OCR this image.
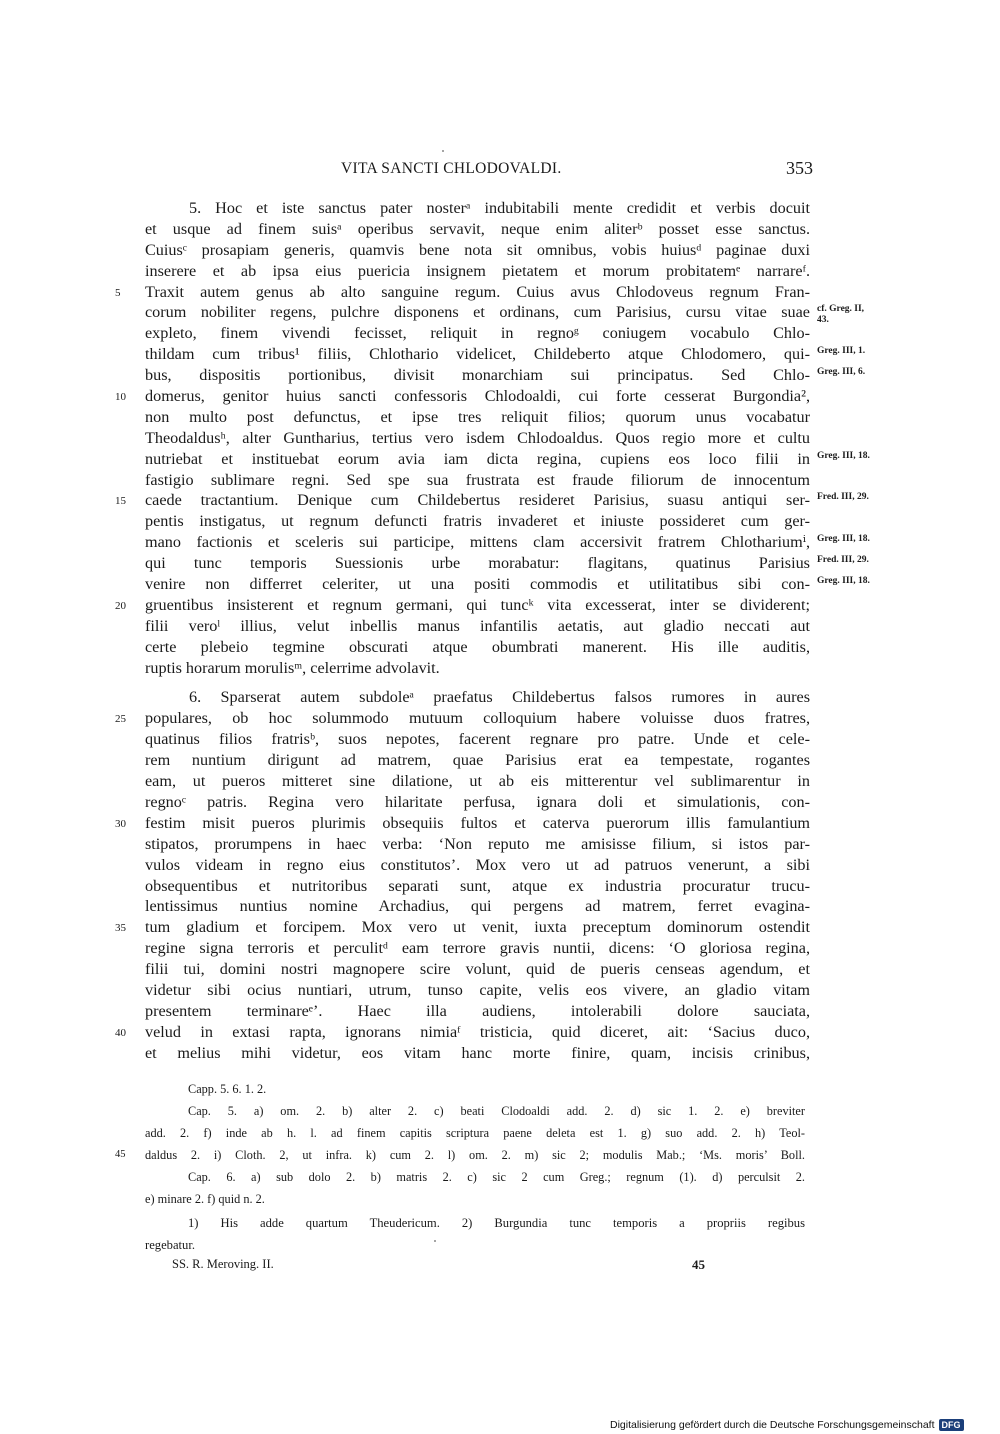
VITA SANCTI CHLODOVALDI.	353
5. Hoc et iste sanctus pater nosterᵃ indubitabili mente credidit et verbis docuit
et usque ad finem suisᵃ operibus servavit, neque enim aliterᵇ posset esse sanctus.
Cuiusᶜ prosapiam generis, quamvis bene nota sit omnibus, vobis huiusᵈ paginae duxi
inserere et ab ipsa eius puericia insignem pietatem et morum probitatemᵉ narrareᶠ.
5	Traxit autem genus ab alto sanguine regum. Cuius avus Chlodoveus regnum Fran-
corum nobiliter regens, pulchre disponens et ordinans, cum Parisius, cursu vitae suae cf. Greg. II,
43.
expleto, finem vivendi fecisset, reliquit in regnoᵍ coniugem vocabulo Chlo-
thildam cum tribus¹ filiis, Chlothario videlicet, Childeberto atque Chlodomero, qui- Greg. III, 1.
bus, dispositis portionibus, divisit monarchiam sui principatus. Sed Chlo- Greg. III, 6.
10	domerus, genitor huius sancti confessoris Chlodoaldi, cui forte cesserat Burgondia²,
non multo post defunctus, et ipse tres reliquit filios; quorum unus vocabatur
Theodaldusʰ, alter Guntharius, tertius vero isdem Chlodoaldus. Quos regio more et cultu
nutriebat et instituebat eorum avia iam dicta regina, cupiens eos loco filii in Greg. III, 18.
fastigio sublimare regni. Sed spe sua frustrata est fraude filiorum de innocentum
15	caede tractantium. Denique cum Childebertus resideret Parisius, suasu antiqui ser- Fred. III, 29.
pentis instigatus, ut regnum defuncti fratris invaderet et iniuste possideret cum ger-
mano factionis et sceleris sui participe, mittens clam accersivit fratrem Chlothariumⁱ, Greg. III, 18.
qui tunc temporis Suessionis urbe morabatur: flagitans, quatinus Parisius Fred. III, 29.
venire non differret celeriter, ut una positi commodis et utilitatibus sibi con- Greg. III, 18.
20	gruentibus insisterent et regnum germani, qui tuncᵏ vita excesserat, inter se dividerent;
filii veroˡ illius, velut inbellis manus infantilis aetatis, aut gladio neccati aut
certe plebeio tegmine obscurati atque obumbrati manerent. His ille auditis,
ruptis horarum morulisᵐ, celerrime advolavit.
6. Sparserat autem subdoleᵃ praefatus Childebertus falsos rumores in aures
25	populares, ob hoc solummodo mutuum colloquium habere voluisse duos fratres,
quatinus filios fratrisᵇ, suos nepotes, facerent regnare pro patre. Unde et cele-
rem nuntium dirigunt ad matrem, quae Parisius erat ea tempestate, rogantes
eam, ut pueros mitteret sine dilatione, ut ab eis mitterentur vel sublimarentur in
regnoᶜ patris. Regina vero hilaritate perfusa, ignara doli et simulationis, con-
30	festim misit pueros plurimis obsequiis fultos et caterva puerorum illis famulantium
stipatos, prorumpens in haec verba: ‘Non reputo me amisisse filium, si istos par-
vulos videam in regno eius constitutos’. Mox vero ut ad patruos venerunt, a sibi
obsequentibus et nutritoribus separati sunt, atque ex industria procuratur trucu-
lentissimus nuntius nomine Archadius, qui pergens ad matrem, ferret evagina-
35	tum gladium et forcipem. Mox vero ut venit, iuxta preceptum dominorum ostendit
regine signa terroris et perculitᵈ eam terrore gravis nuntii, dicens: ‘O gloriosa regina,
filii tui, domini nostri magnopere scire volunt, quid de pueris censeas agendum, et
videtur sibi ocius nuntiari, utrum, tunso capite, velis eos vivere, an gladio vitam
presentem terminareᵉ’. Haec illa audiens, intolerabili dolore sauciata,
40	velud in extasi rapta, ignorans nimiaᶠ tristicia, quid diceret, ait: ‘Sacius duco,
et melius mihi videtur, eos vitam hanc morte finire, quam, incisis crinibus,
Capp. 5. 6. 1. 2.
Cap. 5. a) om. 2. b) alter 2. c) beati Clodoaldi add. 2. d) sic 1. 2. e) breviter
add. 2. f) inde ab h. l. ad finem capitis scriptura paene deleta est 1. g) suo add. 2. h) Teol-
45	daldus 2. i) Cloth. 2, ut infra. k) cum 2. l) om. 2. m) sic 2; modulis Mab.; ‘Ms. moris’ Boll.
Cap. 6. a) sub dolo 2. b) matris 2. c) sic 2 cum Greg.; regnum (1). d) perculsit 2.
e) minare 2. f) quid n. 2.
1) His adde quartum Theudericum. 2) Burgundia tunc temporis a propriis regibus
regebatur.
SS. R. Meroving. II.	45
Digitalisierung gefördert durch die Deutsche Forschungsgemeinschaft DFG
